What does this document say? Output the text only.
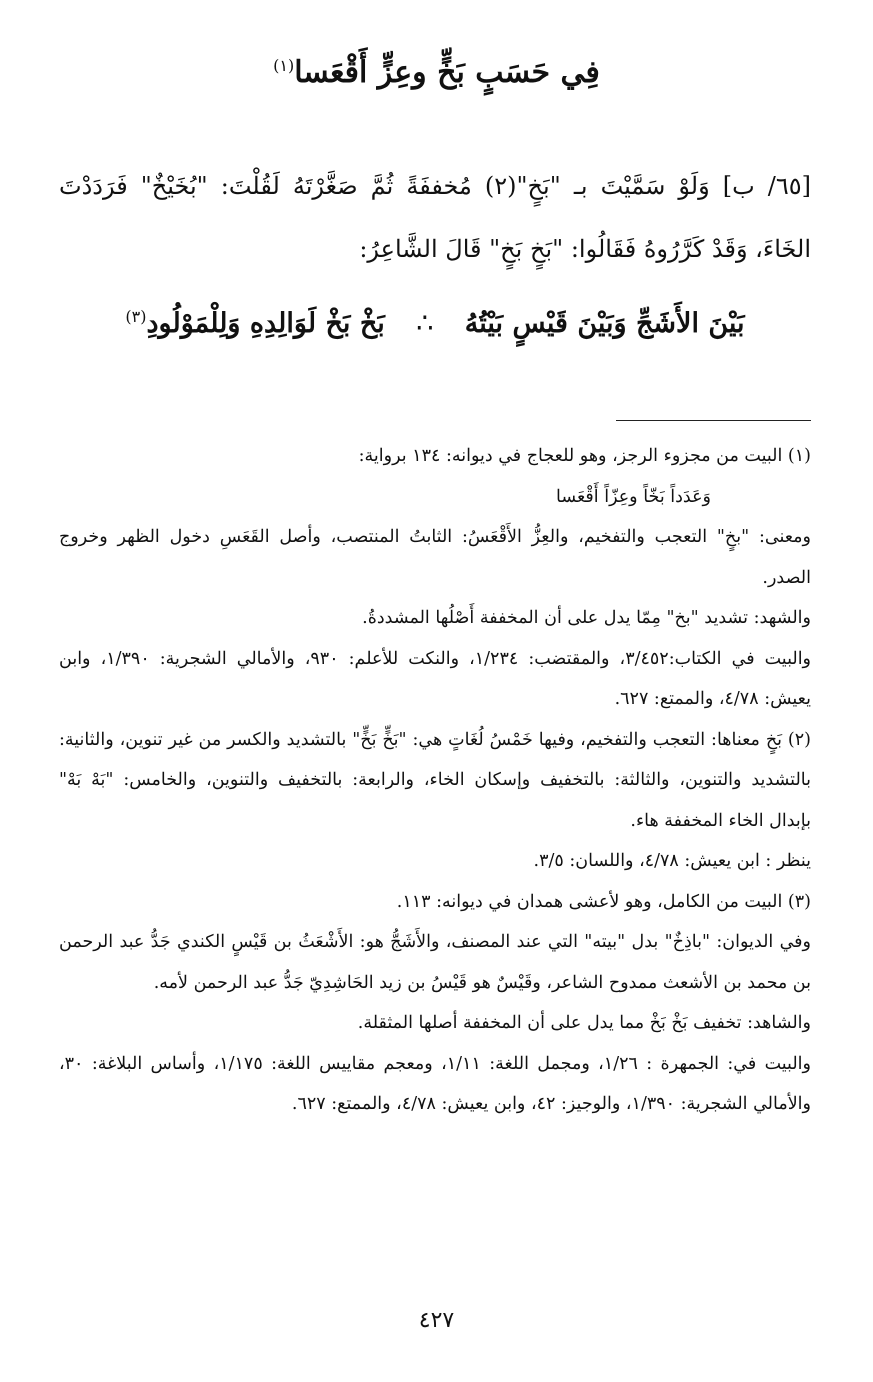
فِي حَسَبٍ بَخٍّ وعِزٍّ أَقْعَسا$^{(١)}$

[٦٥/ ب] وَلَوْ سَمَّيْتَ بـ "بَخٍ"(٢) مُخففَةً ثُمَّ صَغَّرْتَهُ لَقُلْتَ: "بُخَيْخٌ" فَرَدَدْتَ الخَاءَ، وَقَدْ كَرَّرُوهُ فَقَالُوا: "بَخٍ بَخٍ" قَالَ الشَّاعِرُ:

بَيْنَ الأَشَجِّ وَبَيْنَ قَيْسٍ بَيْتُهُ ∴ بَخْ بَخْ لَوَالِدِهِ وَلِلْمَوْلُودِ$^{(٣)}$

(١) البيت من مجزوء الرجز، وهو للعجاج في ديوانه: ١٣٤ برواية:

وَعَدَداً بَخّاً وعِزّاً أَقْعَسا

ومعنى: "بخٍ" التعجب والتفخيم، والعِزُّ الأَقْعَسُ: الثابتُ المنتصب، وأصل القَعَسِ دخول الظهر وخروج الصدر.

والشهد: تشديد "بخ" مِمّا يدل على أن المخففة أَصْلُها المشددةُ.

والبيت في الكتاب:٣/٤٥٢، والمقتضب: ١/٢٣٤، والنكت للأعلم: ٩٣٠، والأمالي الشجرية: ١/٣٩٠، وابن يعيش: ٤/٧٨، والممتع: ٦٢٧.

(٢) بَخٍ معناها: التعجب والتفخيم، وفيها خَمْسُ لُغَاتٍ هي: "بَخٍّ بَخٍّ" بالتشديد والكسر من غير تنوين، والثانية: بالتشديد والتنوين، والثالثة: بالتخفيف وإسكان الخاء، والرابعة: بالتخفيف والتنوين، والخامس: "بَهْ بَهْ" بإبدال الخاء المخففة هاء.

ينظر : ابن يعيش: ٤/٧٨، واللسان: ٣/٥.

(٣) البيت من الكامل، وهو لأعشى همدان في ديوانه: ١١٣.

وفي الديوان: "باذِخٌ" بدل "بيته" التي عند المصنف، والأَشَجُّ هو: الأَشْعَثُ بن قَيْسٍ الكندي جَدُّ عبد الرحمن بن محمد بن الأشعث ممدوح الشاعر، وقَيْسٌ هو قَيْسُ بن زيد الحَاشِدِيّ جَدُّ عبد الرحمن لأمه.

والشاهد: تخفيف بَخْ بَخْ مما يدل على أن المخففة أصلها المثقلة.

والبيت في: الجمهرة : ١/٢٦، ومجمل اللغة: ١/١١، ومعجم مقاييس اللغة: ١/١٧٥، وأساس البلاغة: ٣٠، والأمالي الشجرية: ١/٣٩٠، والوجيز: ٤٢، وابن يعيش: ٤/٧٨، والممتع: ٦٢٧.

٤٢٧
